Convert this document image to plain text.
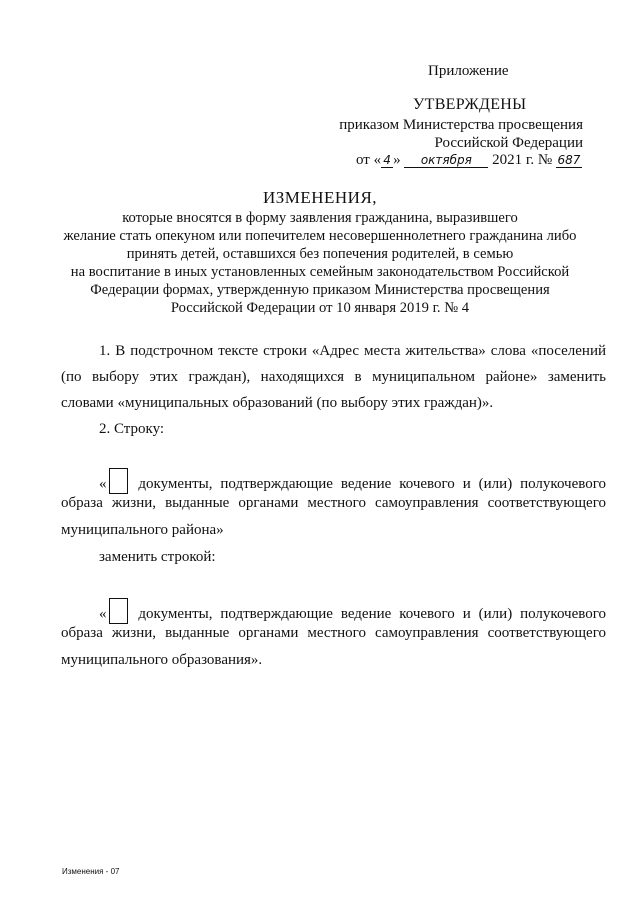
Приложение
УТВЕРЖДЕНЫ
приказом Министерства просвещения
Российской Федерации
от « 4 » октября 2021 г. № 687
ИЗМЕНЕНИЯ,
которые вносятся в форму заявления гражданина, выразившего
желание стать опекуном или попечителем несовершеннолетнего гражданина либо
принять детей, оставшихся без попечения родителей, в семью
на воспитание в иных установленных семейным законодательством Российской
Федерации формах, утвержденную приказом Министерства просвещения
Российской Федерации от 10 января 2019 г. № 4
1. В подстрочном тексте строки «Адрес места жительства» слова «поселений
(по выбору этих граждан), находящихся в муниципальном районе» заменить
словами «муниципальных образований (по выбору этих граждан)».
2. Строку:
« документы, подтверждающие ведение кочевого и (или) полукочевого
образа жизни, выданные органами местного самоуправления соответствующего
муниципального района»
заменить строкой:
« документы, подтверждающие ведение кочевого и (или) полукочевого
образа жизни, выданные органами местного самоуправления соответствующего
муниципального образования».
Изменения - 07
